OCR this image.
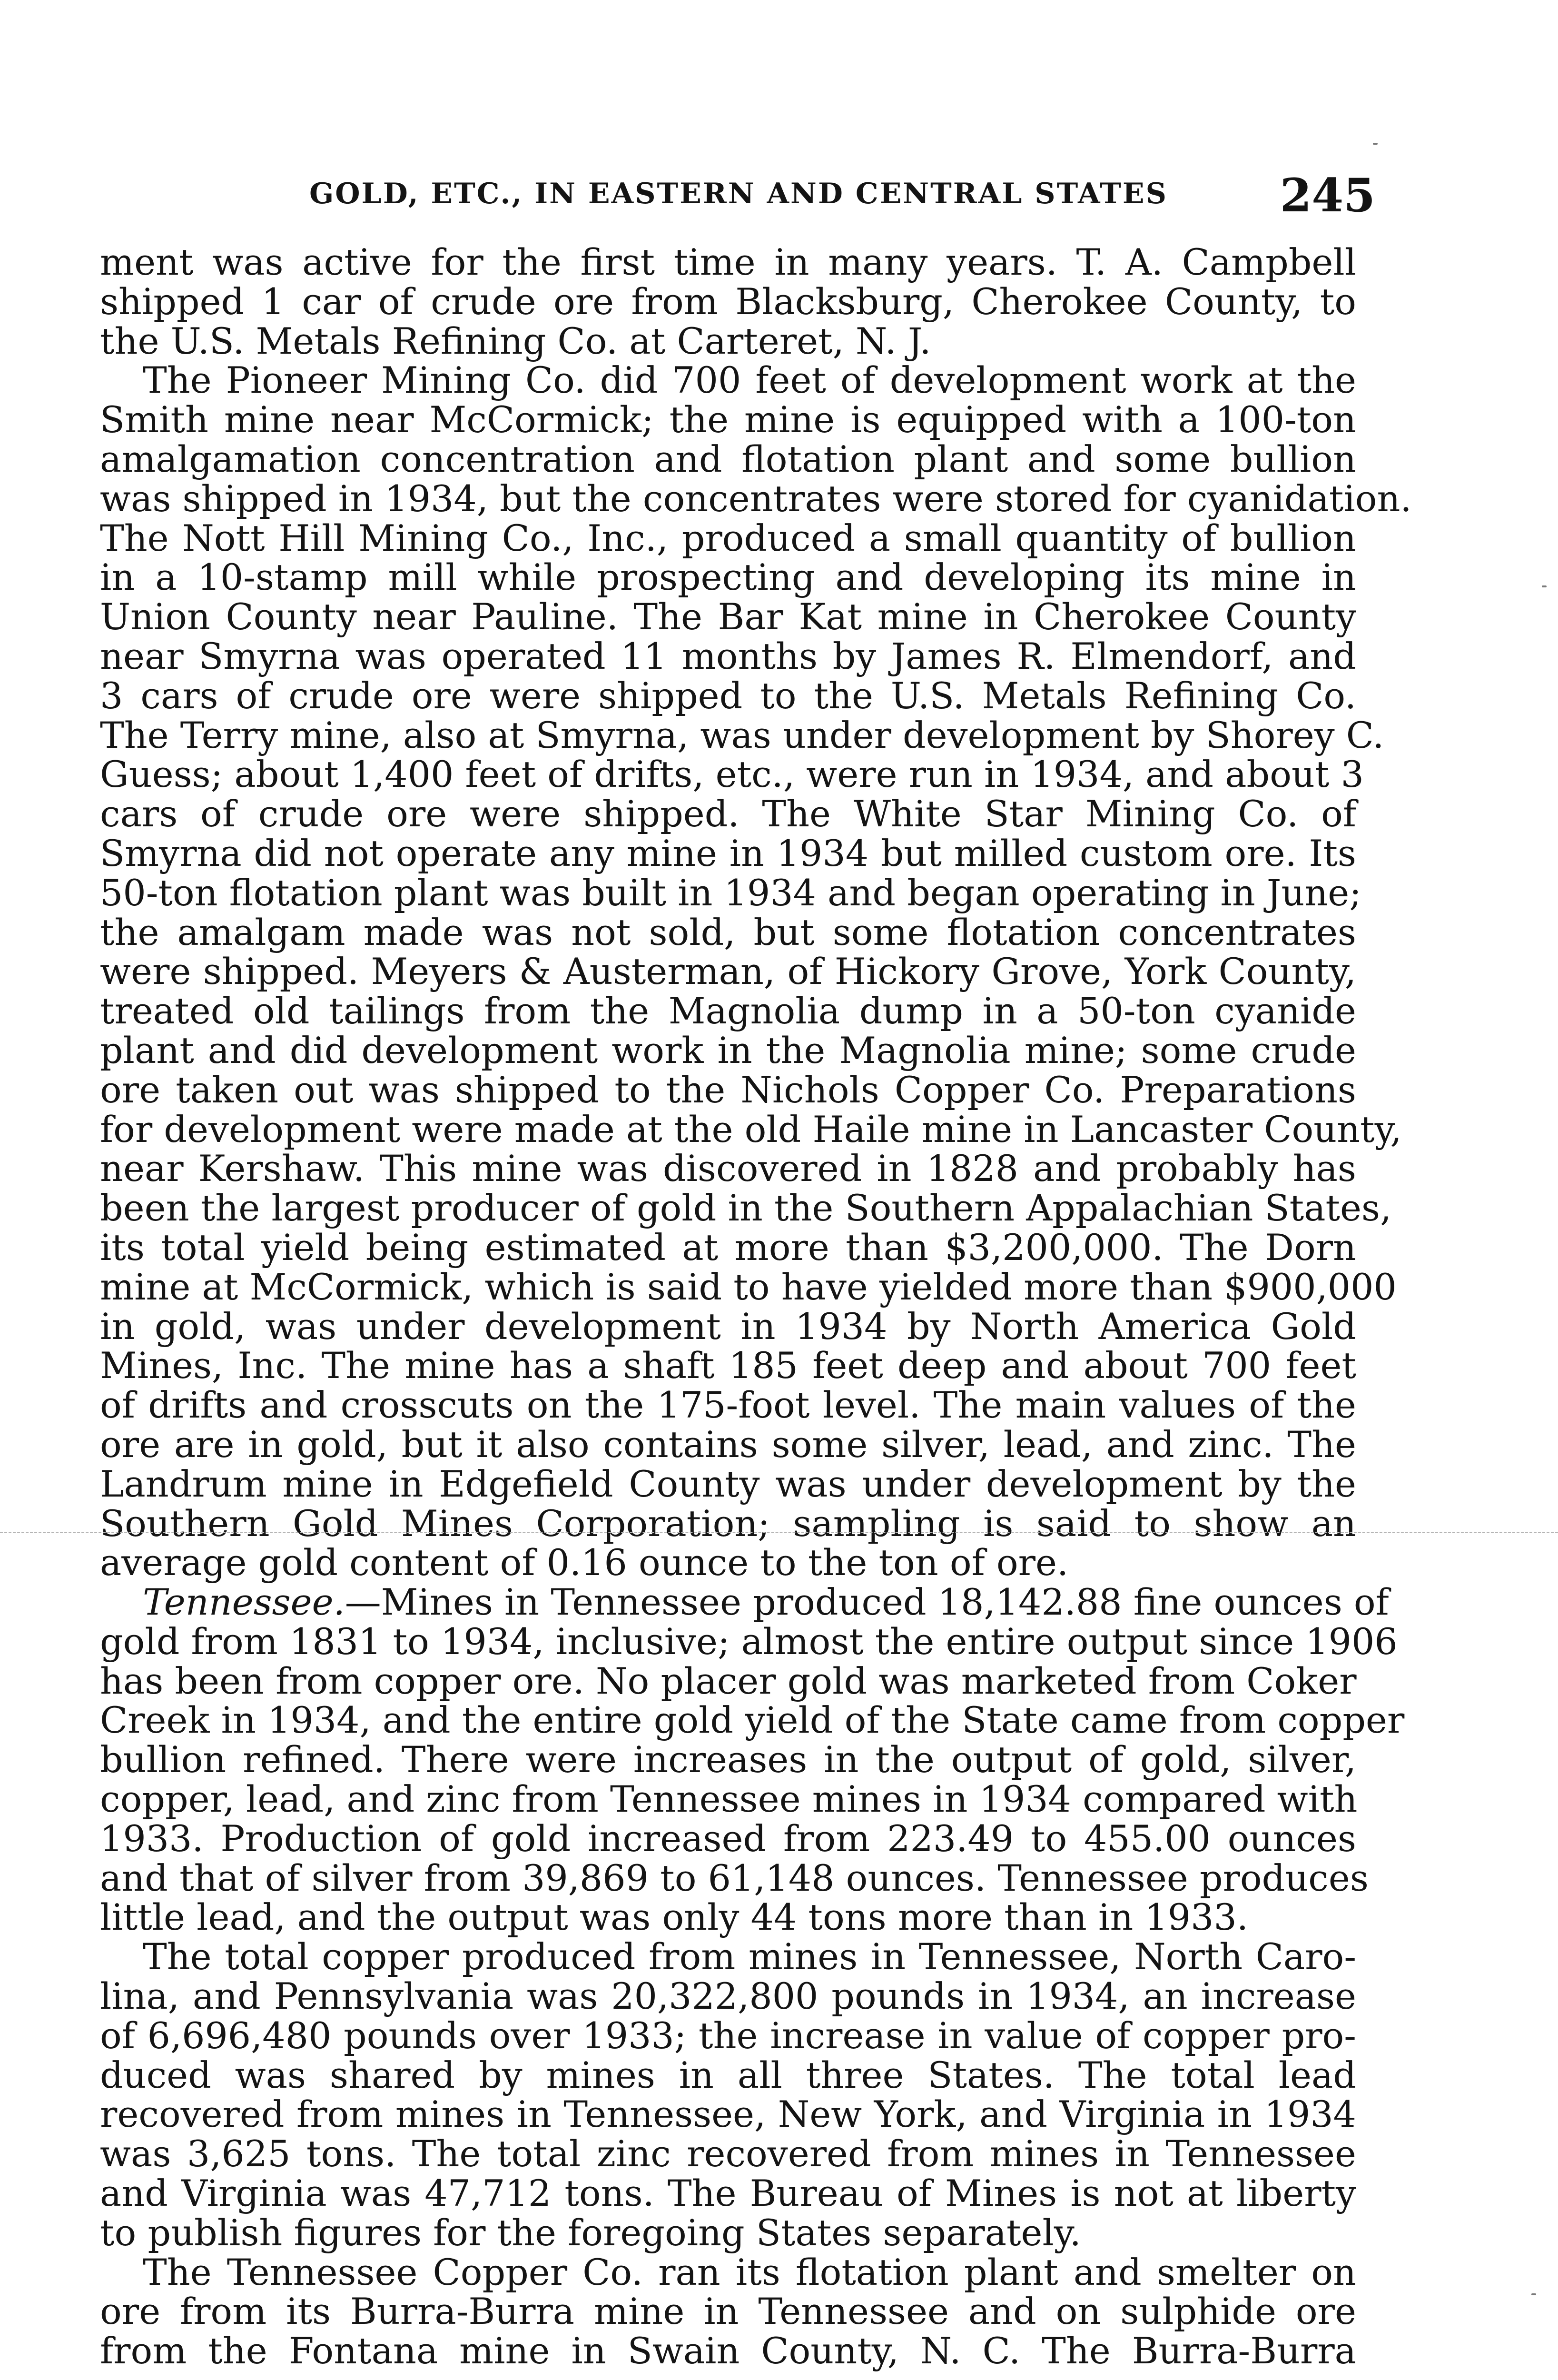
GOLD, ETC., IN EASTERN AND CENTRAL STATES 245
ment was active for the first time in many years. T. A. Campbell
shipped 1 car of crude ore from Blacksburg, Cherokee County, to
the U.S. Metals Refining Co. at Carteret, N. J.
The Pioneer Mining Co. did 700 feet of development work at the
Smith mine near McCormick; the mine is equipped with a 100-ton
amalgamation concentration and flotation plant and some bullion
was shipped in 1934, but the concentrates were stored for cyanidation.
The Nott Hill Mining Co., Inc., produced a small quantity of bullion
in a 10-stamp mill while prospecting and developing its mine in
Union County near Pauline. The Bar Kat mine in Cherokee County
near Smyrna was operated 11 months by James R. Elmendorf, and
3 cars of crude ore were shipped to the U.S. Metals Refining Co.
The Terry mine, also at Smyrna, was under development by Shorey C.
Guess; about 1,400 feet of drifts, etc., were run in 1934, and about 3
cars of crude ore were shipped. The White Star Mining Co. of
Smyrna did not operate any mine in 1934 but milled custom ore. Its
50-ton flotation plant was built in 1934 and began operating in June;
the amalgam made was not sold, but some flotation concentrates
were shipped. Meyers & Austerman, of Hickory Grove, York County,
treated old tailings from the Magnolia dump in a 50-ton cyanide
plant and did development work in the Magnolia mine; some crude
ore taken out was shipped to the Nichols Copper Co. Preparations
for development were made at the old Haile mine in Lancaster County,
near Kershaw. This mine was discovered in 1828 and probably has
been the largest producer of gold in the Southern Appalachian States,
its total yield being estimated at more than $3,200,000. The Dorn
mine at McCormick, which is said to have yielded more than $900,000
in gold, was under development in 1934 by North America Gold
Mines, Inc. The mine has a shaft 185 feet deep and about 700 feet
of drifts and crosscuts on the 175-foot level. The main values of the
ore are in gold, but it also contains some silver, lead, and zinc. The
Landrum mine in Edgefield County was under development by the
Southern Gold Mines Corporation; sampling is said to show an
average gold content of 0.16 ounce to the ton of ore.
Tennessee.—Mines in Tennessee produced 18,142.88 fine ounces of
gold from 1831 to 1934, inclusive; almost the entire output since 1906
has been from copper ore. No placer gold was marketed from Coker
Creek in 1934, and the entire gold yield of the State came from copper
bullion refined. There were increases in the output of gold, silver,
copper, lead, and zinc from Tennessee mines in 1934 compared with
1933. Production of gold increased from 223.49 to 455.00 ounces
and that of silver from 39,869 to 61,148 ounces. Tennessee produces
little lead, and the output was only 44 tons more than in 1933.
The total copper produced from mines in Tennessee, North Caro-
lina, and Pennsylvania was 20,322,800 pounds in 1934, an increase
of 6,696,480 pounds over 1933; the increase in value of copper pro-
duced was shared by mines in all three States. The total lead
recovered from mines in Tennessee, New York, and Virginia in 1934
was 3,625 tons. The total zinc recovered from mines in Tennessee
and Virginia was 47,712 tons. The Bureau of Mines is not at liberty
to publish figures for the foregoing States separately.
The Tennessee Copper Co. ran its flotation plant and smelter on
ore from its Burra-Burra mine in Tennessee and on sulphide ore
from the Fontana mine in Swain County, N. C. The Burra-Burra
